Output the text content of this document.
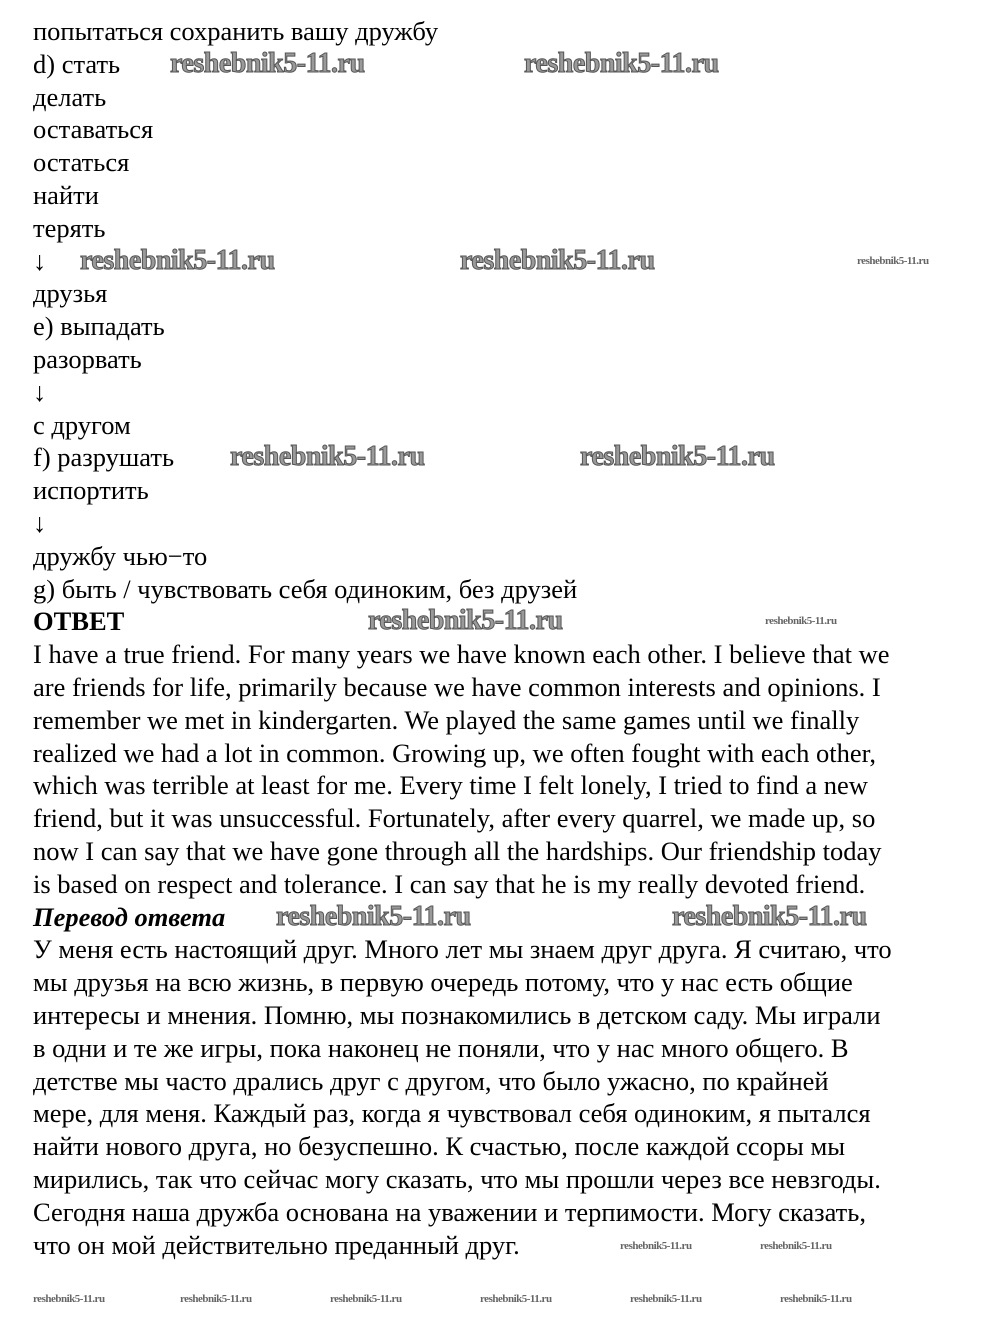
попытаться сохранить вашу дружбу
d) стать
делать
оставаться
остаться
найти
терять
↓
друзья
e) выпадать
разорвать
↓
с другом
f) разрушать
испортить
↓
дружбу чью−то
g) быть / чувствовать себя одиноким, без друзей
ОТВЕТ
I have a true friend. For many years we have known each other. I believe that we
are friends for life, primarily because we have common interests and opinions. I
remember we met in kindergarten. We played the same games until we finally
realized we had a lot in common. Growing up, we often fought with each other,
which was terrible at least for me. Every time I felt lonely, I tried to find a new
friend, but it was unsuccessful. Fortunately, after every quarrel, we made up, so
now I can say that we have gone through all the hardships. Our friendship today
is based on respect and tolerance. I can say that he is my really devoted friend.
Перевод ответа
У меня есть настоящий друг. Много лет мы знаем друг друга. Я считаю, что
мы друзья на всю жизнь, в первую очередь потому, что у нас есть общие
интересы и мнения. Помню, мы познакомились в детском саду. Мы играли
в одни и те же игры, пока наконец не поняли, что у нас много общего. В
детстве мы часто дрались друг с другом, что было ужасно, по крайней
мере, для меня. Каждый раз, когда я чувствовал себя одиноким, я пытался
найти нового друга, но безуспешно. К счастью, после каждой ссоры мы
мирились, так что сейчас могу сказать, что мы прошли через все невзгоды.
Сегодня наша дружба основана на уважении и терпимости. Могу сказать,
что он мой действительно преданный друг.
reshebnik5-11.ru	reshebnik5-11.ru
reshebnik5-11.ru	reshebnik5-11.ru
reshebnik5-11.ru	reshebnik5-11.ru
reshebnik5-11.ru
reshebnik5-11.ru	reshebnik5-11.ru
reshebnik5-11.ru
reshebnik5-11.ru
reshebnik5-11.ru	reshebnik5-11.ru
reshebnik5-11.ru	reshebnik5-11.ru	reshebnik5-11.ru	reshebnik5-11.ru	reshebnik5-11.ru	reshebnik5-11.ru
